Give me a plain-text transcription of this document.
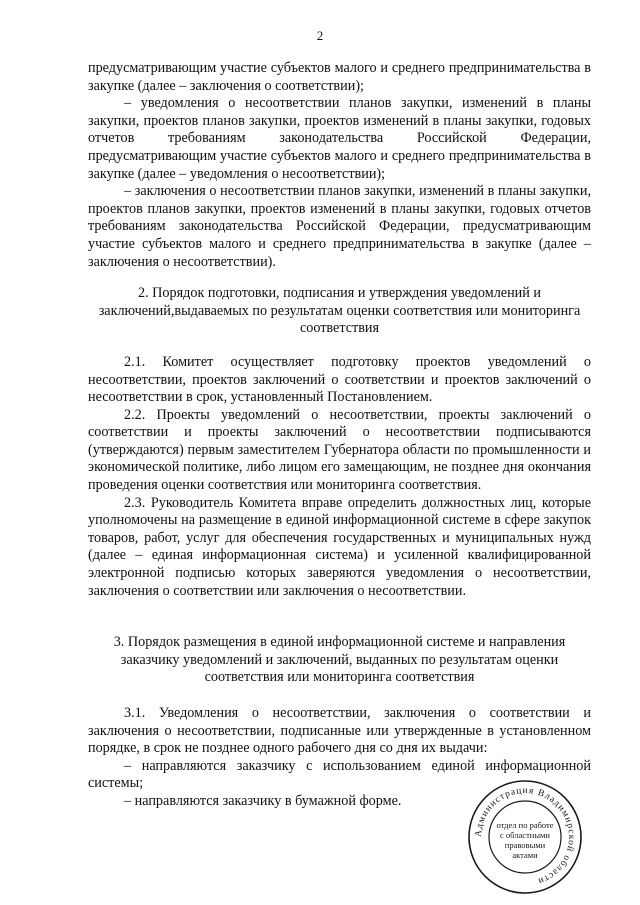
2

предусматривающим участие субъектов малого и среднего предпринимательства в закупке (далее – заключения о соответствии);

– уведомления о несоответствии планов закупки, изменений в планы закупки, проектов планов закупки, проектов изменений в планы закупки, годовых отчетов требованиям законодательства Российской Федерации, предусматривающим участие субъектов малого и среднего предпринимательства в закупке (далее – уведомления о несоответствии);

– заключения о несоответствии планов закупки, изменений в планы закупки, проектов планов закупки, проектов изменений в планы закупки, годовых отчетов требованиям законодательства Российской Федерации, предусматривающим участие субъектов малого и среднего предпринимательства в закупке (далее – заключения о несоответствии).

2. Порядок подготовки, подписания и утверждения уведомлений и заключений,выдаваемых по результатам оценки соответствия или мониторинга соответствия

2.1. Комитет осуществляет подготовку проектов уведомлений о несоответствии, проектов заключений о соответствии и проектов заключений о несоответствии в срок, установленный Постановлением.

2.2. Проекты уведомлений о несоответствии, проекты заключений о соответствии и проекты заключений о несоответствии подписываются (утверждаются) первым заместителем Губернатора области по промышленности и экономической политике, либо лицом его замещающим, не позднее дня окончания проведения оценки соответствия или мониторинга соответствия.

2.3. Руководитель Комитета вправе определить должностных лиц, которые уполномочены на размещение в единой информационной системе в сфере закупок товаров, работ, услуг для обеспечения государственных и муниципальных нужд (далее – единая информационная система) и усиленной квалифицированной электронной подписью которых заверяются уведомления о несоответствии, заключения о соответствии или заключения о несоответствии.

3. Порядок размещения в единой информационной системе и направления заказчику уведомлений и заключений, выданных по результатам оценки соответствия или мониторинга соответствия

3.1. Уведомления о несоответствии, заключения о соответствии и заключения о несоответствии, подписанные или утвержденные в установленном порядке, в срок не позднее одного рабочего дня со дня их выдачи:

– направляются заказчику с использованием единой информационной системы;

– направляются заказчику в бумажной форме.

Администрация Владимирской области
отдел по работе
с областными
правовыми
актами
